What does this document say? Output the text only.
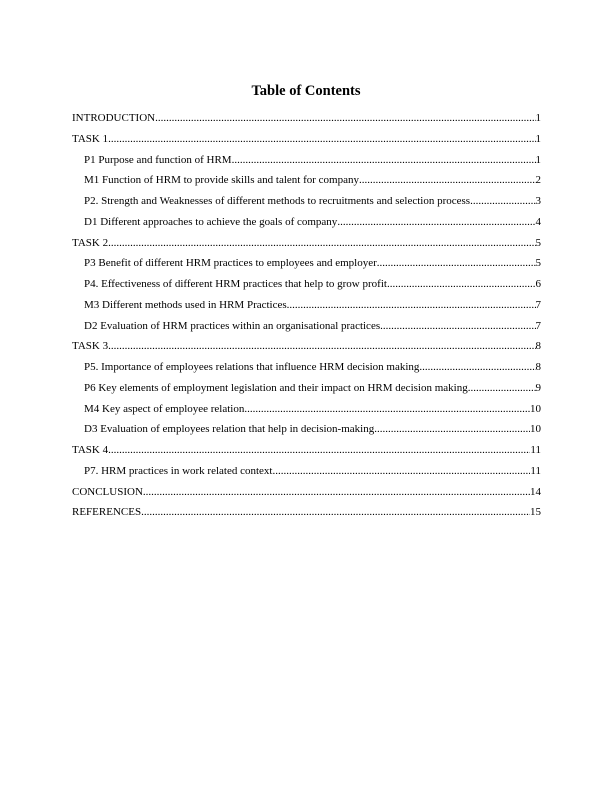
Table of Contents
INTRODUCTION .....	1
TASK 1 .....	1
P1 Purpose and function of HRM .....	1
M1 Function of HRM to provide skills and talent for company .....	2
P2. Strength and Weaknesses of different methods to recruitments and selection process .....	3
D1 Different approaches to achieve the goals of company .....	4
TASK 2 .....	5
P3 Benefit of different HRM practices to employees and employer .....	5
P4. Effectiveness of different HRM practices that help to grow profit .....	6
M3 Different methods used in HRM Practices .....	7
D2 Evaluation of HRM practices within an organisational practices .....	7
TASK 3 .....	8
P5. Importance of employees relations that influence HRM decision making .....	8
P6 Key elements of employment legislation and their impact on HRM decision making .....	9
M4 Key aspect of employee relation .....	10
D3 Evaluation of employees relation that help in decision-making .....	10
TASK 4 .....	11
P7. HRM practices in work related context .....	11
CONCLUSION .....	14
REFERENCES .....	15
